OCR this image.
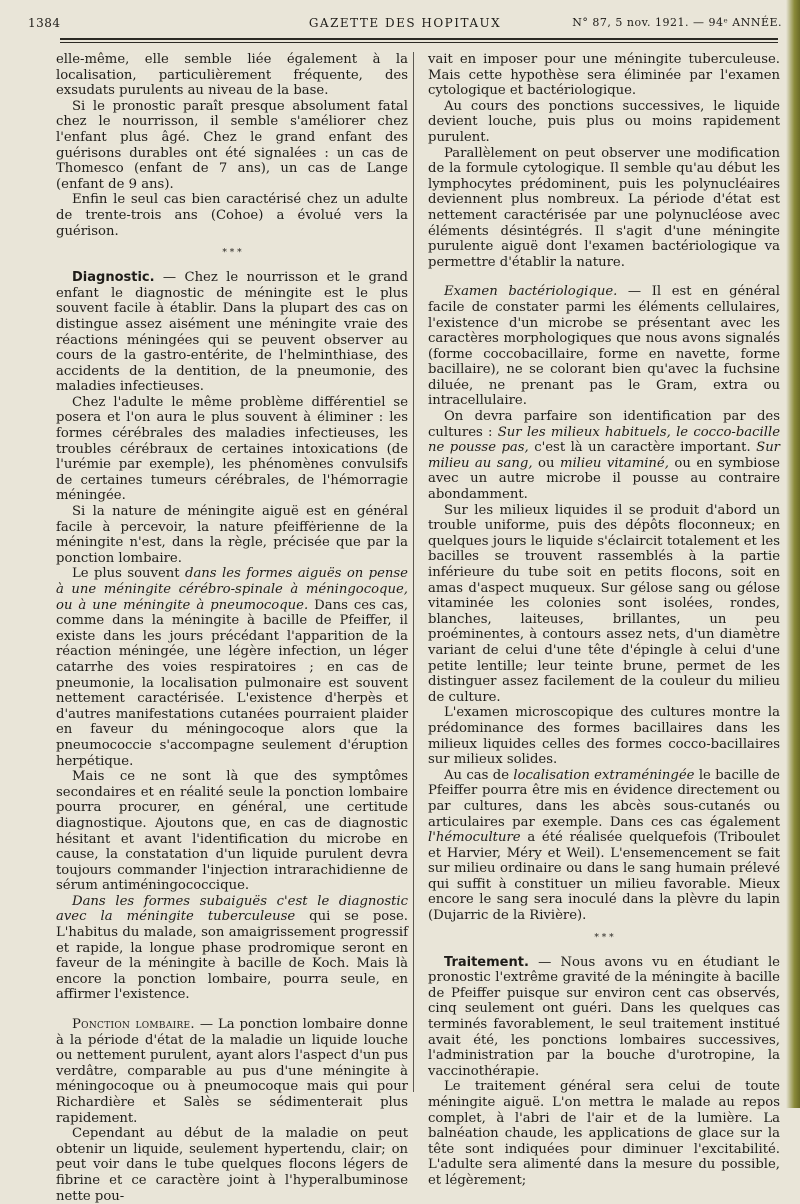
1384	GAZETTE DES HOPITAUX	N° 87, 5 nov. 1921. — 94ᵉ ANNÉE.

elle-même, elle semble liée également à la localisation, particulièrement fréquente, des exsudats purulents au niveau de la base.

Si le pronostic paraît presque absolument fatal chez le nourrisson, il semble s'améliorer chez l'enfant plus âgé. Chez le grand enfant des guérisons durables ont été signalées : un cas de Thomesco (enfant de 7 ans), un cas de Lange (enfant de 9 ans).

Enfin le seul cas bien caractérisé chez un adulte de trente-trois ans (Cohoe) a évolué vers la guérison.

* * *

Diagnostic. — Chez le nourrisson et le grand enfant le diagnostic de méningite est le plus souvent facile à établir. Dans la plupart des cas on distingue assez aisément une méningite vraie des réactions méningées qui se peuvent observer au cours de la gastro-entérite, de l'helminthiase, des accidents de la dentition, de la pneumonie, des maladies infectieuses.

Chez l'adulte le même problème différentiel se posera et l'on aura le plus souvent à éliminer : les formes cérébrales des maladies infectieuses, les troubles cérébraux de certaines intoxications (de l'urémie par exemple), les phénomènes convulsifs de certaines tumeurs cérébrales, de l'hémorragie méningée.

Si la nature de méningite aiguë est en général facile à percevoir, la nature pfeiffėrienne de la méningite n'est, dans la règle, précisée que par la ponction lombaire.

Le plus souvent dans les formes aiguës on pense à une méningite cérébro-spinale à méningocoque, ou à une méningite à pneumocoque. Dans ces cas, comme dans la méningite à bacille de Pfeiffer, il existe dans les jours précédant l'apparition de la réaction méningée, une légère infection, un léger catarrhe des voies respiratoires ; en cas de pneumonie, la localisation pulmonaire est souvent nettement caractérisée. L'existence d'herpès et d'autres manifestations cutanées pourraient plaider en faveur du méningocoque alors que la pneumococcie s'accompagne seulement d'éruption herpétique.

Mais ce ne sont là que des symptômes secondaires et en réalité seule la ponction lombaire pourra procurer, en général, une certitude diagnostique. Ajoutons que, en cas de diagnostic hésitant et avant l'identification du microbe en cause, la constatation d'un liquide purulent devra toujours commander l'injection intrarachidienne de sérum antiméningococcique.

Dans les formes subaiguës c'est le diagnostic avec la méningite tuberculeuse qui se pose. L'habitus du malade, son amaigrissement progressif et rapide, la longue phase prodromique seront en faveur de la méningite à bacille de Koch. Mais là encore la ponction lombaire, pourra seule, en affirmer l'existence.

Ponction lombaire. — La ponction lombaire donne à la période d'état de la maladie un liquide louche ou nettement purulent, ayant alors l'aspect d'un pus verdâtre, comparable au pus d'une méningite à méningocoque ou à pneumocoque mais qui pour Richardière et Salès se sédimenterait plus rapidement.

Cependant au début de la maladie on peut obtenir un liquide, seulement hypertendu, clair; on peut voir dans le tube quelques flocons légers de fibrine et ce caractère joint à l'hyperalbuminose nette pou-

vait en imposer pour une méningite tuberculeuse. Mais cette hypothèse sera éliminée par l'examen cytologique et bactériologique.

Au cours des ponctions successives, le liquide devient louche, puis plus ou moins rapidement purulent.

Parallèlement on peut observer une modification de la formule cytologique. Il semble qu'au début les lymphocytes prédominent, puis les polynucléaires deviennent plus nombreux. La période d'état est nettement caractérisée par une polynucléose avec éléments désintégrés. Il s'agit d'une méningite purulente aiguë dont l'examen bactériologique va permettre d'établir la nature.

Examen bactériologique. — Il est en général facile de constater parmi les éléments cellulaires, l'existence d'un microbe se présentant avec les caractères morphologiques que nous avons signalés (forme coccobacillaire, forme en navette, forme bacillaire), ne se colorant bien qu'avec la fuchsine diluée, ne prenant pas le Gram, extra ou intracellulaire.

On devra parfaire son identification par des cultures : Sur les milieux habituels, le cocco-bacille ne pousse pas, c'est là un caractère important. Sur milieu au sang, ou milieu vitaminé, ou en symbiose avec un autre microbe il pousse au contraire abondamment.

Sur les milieux liquides il se produit d'abord un trouble uniforme, puis des dépôts floconneux; en quelques jours le liquide s'éclaircit totalement et les bacilles se trouvent rassemblés à la partie inférieure du tube soit en petits flocons, soit en amas d'aspect muqueux. Sur gélose sang ou gélose vitaminée les colonies sont isolées, rondes, blanches, laiteuses, brillantes, un peu proéminentes, à contours assez nets, d'un diamètre variant de celui d'une tête d'épingle à celui d'une petite lentille; leur teinte brune, permet de les distinguer assez facilement de la couleur du milieu de culture.

L'examen microscopique des cultures montre la prédominance des formes bacillaires dans les milieux liquides celles des formes cocco-bacillaires sur milieux solides.

Au cas de localisation extraméningée le bacille de Pfeiffer pourra être mis en évidence directement ou par cultures, dans les abcès sous-cutanés ou articulaires par exemple. Dans ces cas également l'hémoculture a été réalisée quelquefois (Triboulet et Harvier, Méry et Weil). L'ensemencement se fait sur milieu ordinaire ou dans le sang humain prélevé qui suffit à constituer un milieu favorable. Mieux encore le sang sera inoculé dans la plèvre du lapin (Dujarric de la Rivière).

* * *

Traitement. — Nous avons vu en étudiant le pronostic l'extrême gravité de la méningite à bacille de Pfeiffer puisque sur environ cent cas observés, cinq seulement ont guéri. Dans les quelques cas terminés favorablement, le seul traitement institué avait été, les ponctions lombaires successives, l'administration par la bouche d'urotropine, la vaccinothérapie.

Le traitement général sera celui de toute méningite aiguë. L'on mettra le malade au repos complet, à l'abri de l'air et de la lumière. La balnéation chaude, les applications de glace sur la tête sont indiquées pour diminuer l'excitabilité. L'adulte sera alimenté dans la mesure du possible, et légèrement;
